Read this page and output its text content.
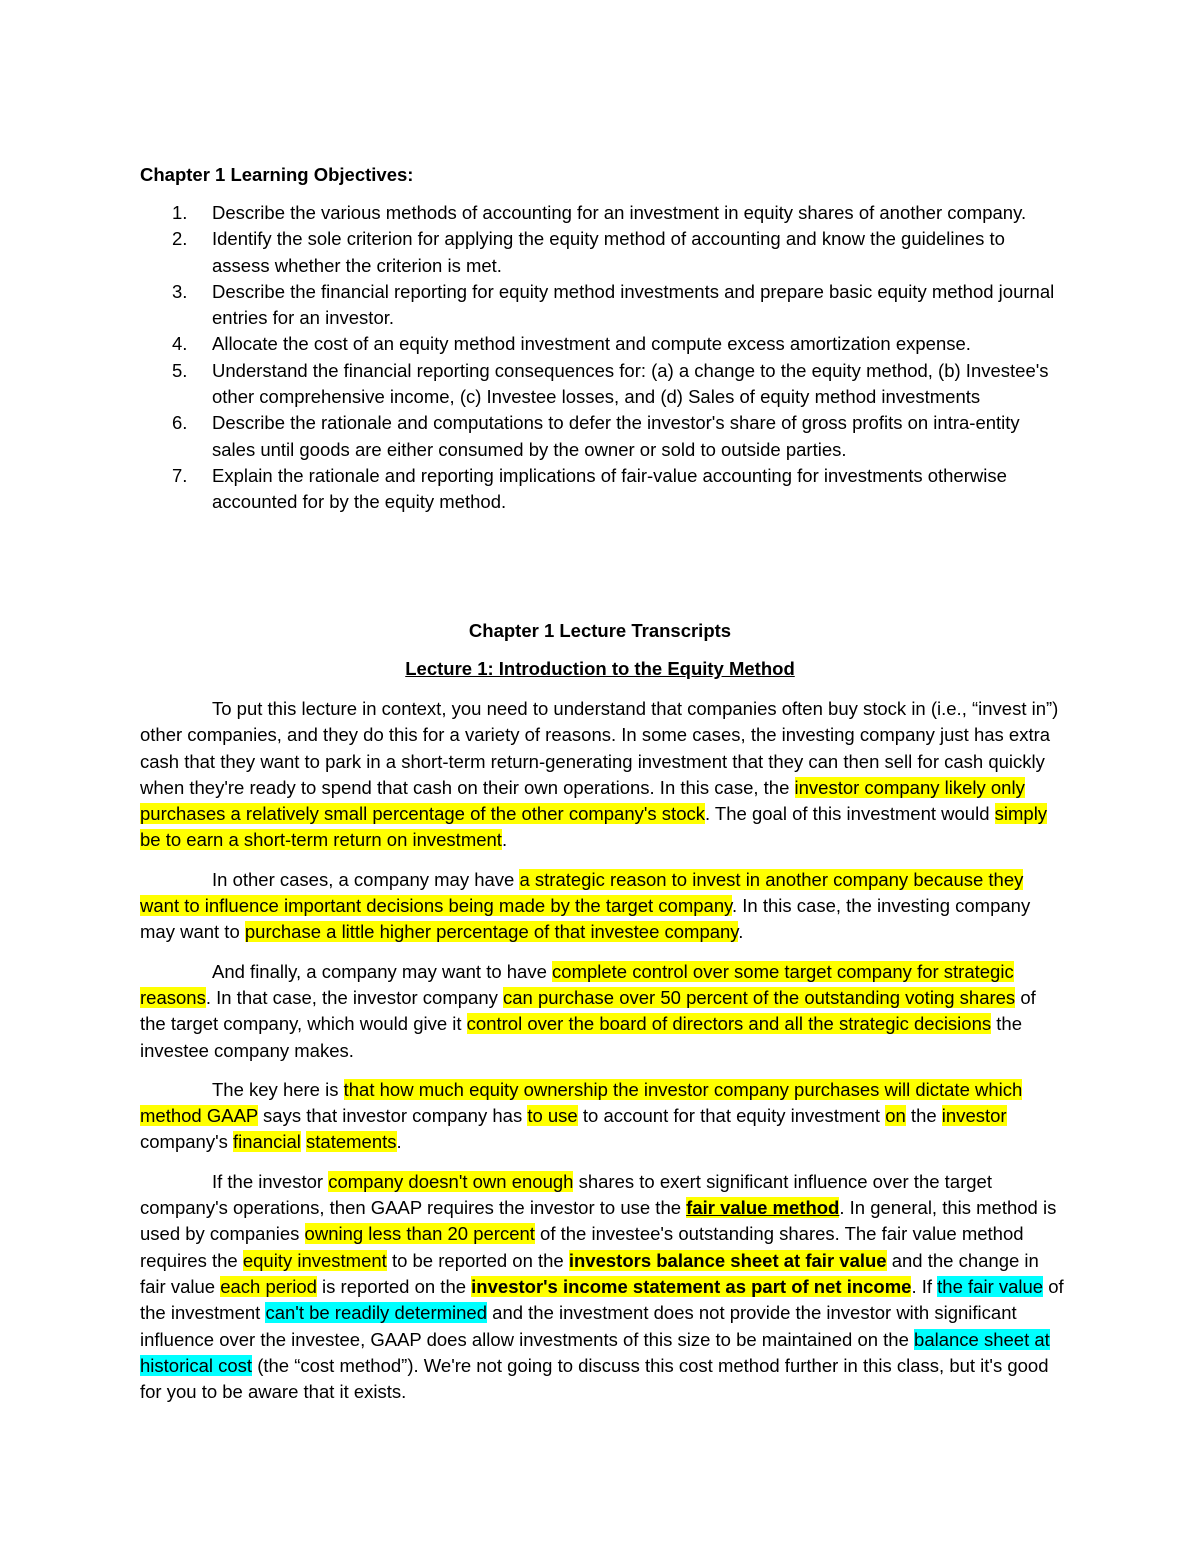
Chapter 1 Learning Objectives:
1. Describe the various methods of accounting for an investment in equity shares of another company.
2. Identify the sole criterion for applying the equity method of accounting and know the guidelines to assess whether the criterion is met.
3. Describe the financial reporting for equity method investments and prepare basic equity method journal entries for an investor.
4. Allocate the cost of an equity method investment and compute excess amortization expense.
5. Understand the financial reporting consequences for: (a) a change to the equity method, (b) Investee's other comprehensive income, (c) Investee losses, and (d) Sales of equity method investments
6. Describe the rationale and computations to defer the investor's share of gross profits on intra-entity sales until goods are either consumed by the owner or sold to outside parties.
7. Explain the rationale and reporting implications of fair-value accounting for investments otherwise accounted for by the equity method.
Chapter 1 Lecture Transcripts
Lecture 1: Introduction to the Equity Method

To put this lecture in context, you need to understand that companies often buy stock in (i.e., “invest in”) other companies, and they do this for a variety of reasons. In some cases, the investing company just has extra cash that they want to park in a short-term return-generating investment that they can then sell for cash quickly when they're ready to spend that cash on their own operations. In this case, the investor company likely only purchases a relatively small percentage of the other company's stock. The goal of this investment would simply be to earn a short-term return on investment.

In other cases, a company may have a strategic reason to invest in another company because they want to influence important decisions being made by the target company. In this case, the investing company may want to purchase a little higher percentage of that investee company.

And finally, a company may want to have complete control over some target company for strategic reasons. In that case, the investor company can purchase over 50 percent of the outstanding voting shares of the target company, which would give it control over the board of directors and all the strategic decisions the investee company makes.

The key here is that how much equity ownership the investor company purchases will dictate which method GAAP says that investor company has to use to account for that equity investment on the investor company's financial statements.

If the investor company doesn't own enough shares to exert significant influence over the target company's operations, then GAAP requires the investor to use the fair value method. In general, this method is used by companies owning less than 20 percent of the investee's outstanding shares. The fair value method requires the equity investment to be reported on the investors balance sheet at fair value and the change in fair value each period is reported on the investor's income statement as part of net income. If the fair value of the investment can't be readily determined and the investment does not provide the investor with significant influence over the investee, GAAP does allow investments of this size to be maintained on the balance sheet at historical cost (the “cost method”). We're not going to discuss this cost method further in this class, but it's good for you to be aware that it exists.
